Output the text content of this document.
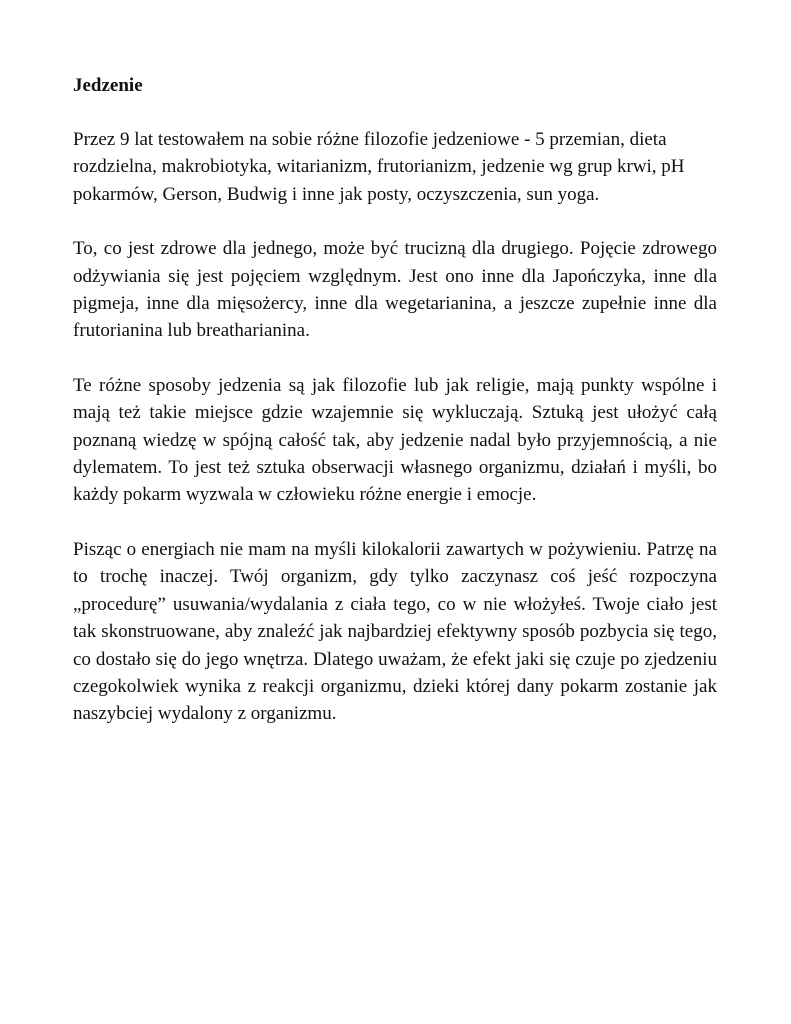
Jedzenie

Przez 9 lat testowałem na sobie różne filozofie jedzeniowe - 5 przemian, dieta rozdzielna, makrobiotyka, witarianizm, frutorianizm, jedzenie wg grup krwi, pH pokarmów, Gerson, Budwig i inne jak posty, oczyszczenia, sun yoga.

To, co jest zdrowe dla jednego, może być trucizną dla drugiego. Pojęcie zdrowego odżywiania się jest pojęciem względnym. Jest ono inne dla Japończyka, inne dla pigmeja, inne dla mięsożercy, inne dla wegetarianina, a jeszcze zupełnie inne dla frutorianina lub breatharianina.

Te różne sposoby jedzenia są jak filozofie lub jak religie, mają punkty wspólne i mają też takie miejsce gdzie wzajemnie się wykluczają. Sztuką jest ułożyć całą poznaną wiedzę w spójną całość tak, aby jedzenie nadal było przyjemnością, a nie dylematem. To jest też sztuka obserwacji własnego organizmu, działań i myśli, bo każdy pokarm wyzwala w człowieku różne energie i emocje.

Pisząc o energiach nie mam na myśli kilokalorii zawartych w pożywieniu. Patrzę na to trochę inaczej. Twój organizm, gdy tylko zaczynasz coś jeść rozpoczyna „procedurę” usuwania/wydalania z ciała tego, co w nie włożyłeś. Twoje ciało jest tak skonstruowane, aby znaleźć jak najbardziej efektywny sposób pozbycia się tego, co dostało się do jego wnętrza. Dlatego uważam, że efekt jaki się czuje po zjedzeniu czegokolwiek wynika z reakcji organizmu, dzieki której dany pokarm zostanie jak naszybciej wydalony z organizmu.
